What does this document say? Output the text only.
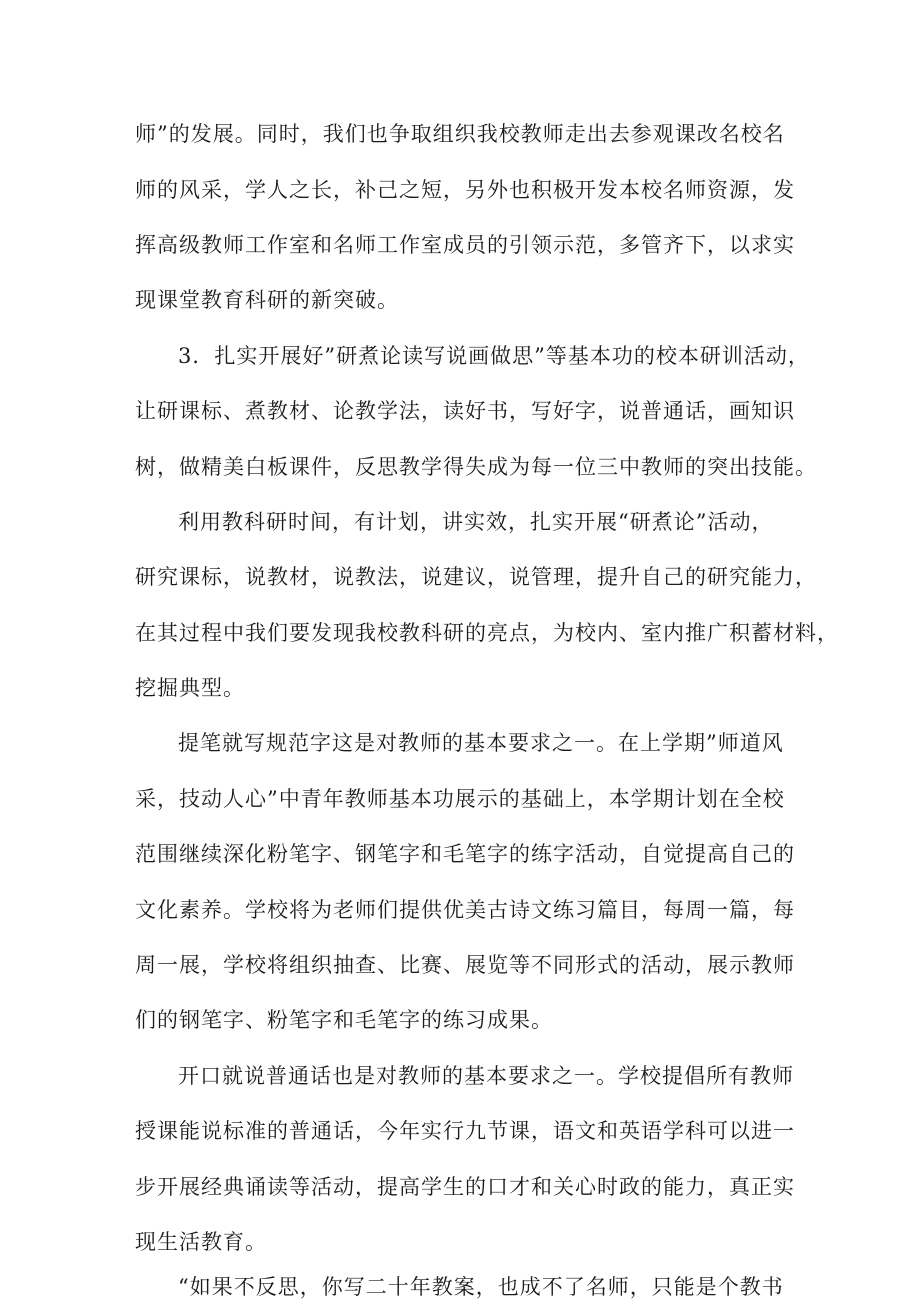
师”的发展。同时，我们也争取组织我校教师走出去参观课改名校名
师的风采，学人之长，补己之短，另外也积极开发本校名师资源，发
挥高级教师工作室和名师工作室成员的引领示范，多管齐下，以求实
现课堂教育科研的新突破。
3．扎实开展好”研煮论读写说画做思”等基本功的校本研训活动，
让研课标、煮教材、论教学法，读好书，写好字，说普通话，画知识
树，做精美白板课件，反思教学得失成为每一位三中教师的突出技能。
利用教科研时间，有计划，讲实效，扎实开展“研煮论”活动，
研究课标，说教材，说教法，说建议，说管理，提升自己的研究能力，
在其过程中我们要发现我校教科研的亮点，为校内、室内推广积蓄材料，
挖掘典型。
提笔就写规范字这是对教师的基本要求之一。在上学期”师道风
采，技动人心”中青年教师基本功展示的基础上，本学期计划在全校
范围继续深化粉笔字、钢笔字和毛笔字的练字活动，自觉提高自己的
文化素养。学校将为老师们提供优美古诗文练习篇目，每周一篇，每
周一展，学校将组织抽查、比赛、展览等不同形式的活动，展示教师
们的钢笔字、粉笔字和毛笔字的练习成果。
开口就说普通话也是对教师的基本要求之一。学校提倡所有教师
授课能说标准的普通话，今年实行九节课，语文和英语学科可以进一
步开展经典诵读等活动，提高学生的口才和关心时政的能力，真正实
现生活教育。
“如果不反思，你写二十年教案，也成不了名师，只能是个教书
